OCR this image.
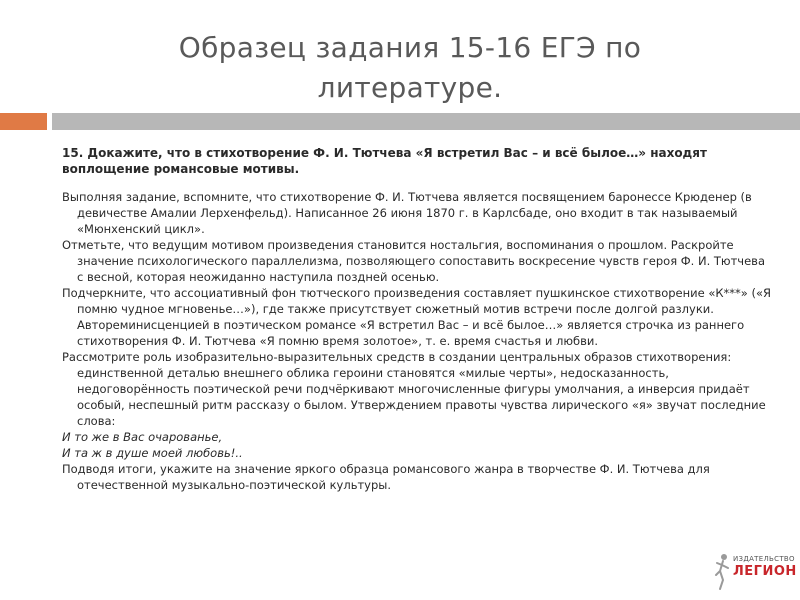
Образец задания 15-16 ЕГЭ по литературе.
15. Докажите, что в стихотворение Ф. И. Тютчева «Я встретил Вас – и всё былое…» находят воплощение романсовые мотивы.
Выполняя задание, вспомните, что стихотворение Ф. И. Тютчева является посвящением баронессе Крюденер (в девичестве Амалии Лерхенфельд). Написанное 26 июня 1870 г. в Карлсбаде, оно входит в так называемый «Мюнхенский цикл».
Отметьте, что ведущим мотивом произведения становится ностальгия, воспоминания о прошлом. Раскройте значение психологического параллелизма, позволяющего сопоставить воскресение чувств героя Ф. И. Тютчева с весной, которая неожиданно наступила поздней осенью.
Подчеркните, что ассоциативный фон тютческого произведения составляет пушкинское стихотворение «К***» («Я помню чудное мгновенье…»), где также присутствует сюжетный мотив встречи после долгой разлуки. Автореминисценцией в поэтическом романсе «Я встретил Вас – и всё былое…» является строчка из раннего стихотворения Ф. И. Тютчева «Я помню время золотое», т. е. время счастья и любви.
Рассмотрите роль изобразительно-выразительных средств в создании центральных образов стихотворения: единственной деталью внешнего облика героини становятся «милые черты», недосказанность, недоговорённость поэтической речи подчёркивают многочисленные фигуры умолчания, а инверсия придаёт особый, неспешный ритм рассказу о былом. Утверждением правоты чувства лирического «я» звучат последние слова:
И то же в Вас очарованье,
И та ж в душе моей любовь!..
Подводя итоги, укажите на значение яркого образца романсового жанра в творчестве Ф. И. Тютчева для отечественной музыкально-поэтической культуры.
ИЗДАТЕЛЬСТВО
ЛЕГИОН
